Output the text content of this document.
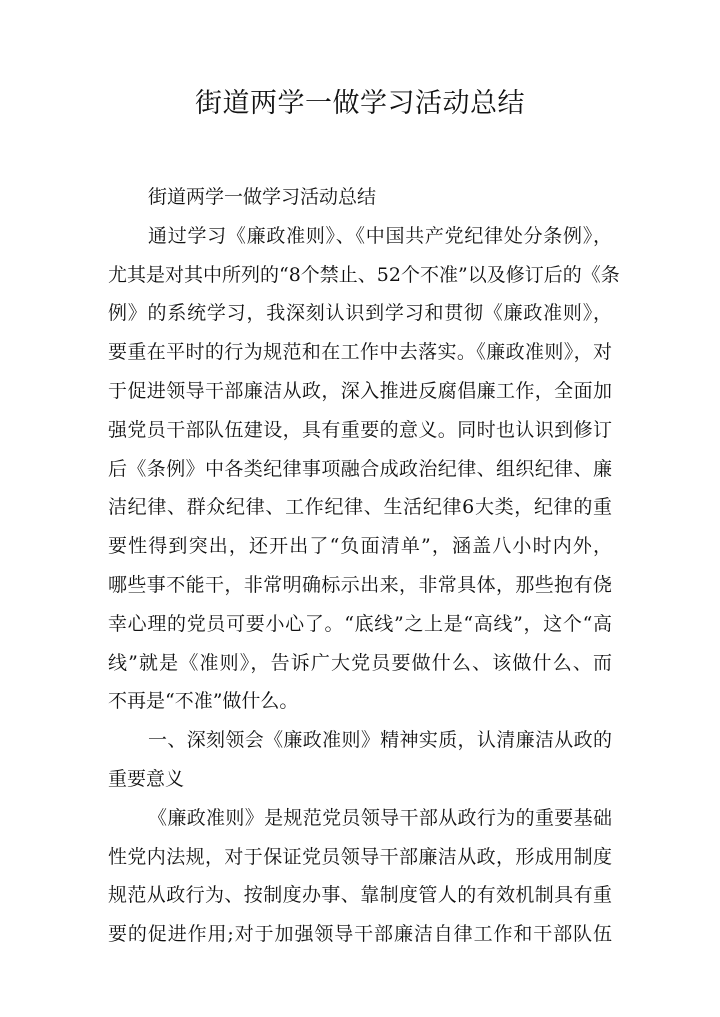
街道两学一做学习活动总结
街道两学一做学习活动总结
通过学习《廉政准则》、《中国共产党纪律处分条例》，
尤其是对其中所列的“8个禁止、52个不准”以及修订后的《条
例》的系统学习，我深刻认识到学习和贯彻《廉政准则》，
要重在平时的行为规范和在工作中去落实。《廉政准则》，对
于促进领导干部廉洁从政，深入推进反腐倡廉工作，全面加
强党员干部队伍建设，具有重要的意义。同时也认识到修订
后《条例》中各类纪律事项融合成政治纪律、组织纪律、廉
洁纪律、群众纪律、工作纪律、生活纪律6大类，纪律的重
要性得到突出，还开出了“负面清单”，涵盖八小时内外，
哪些事不能干，非常明确标示出来，非常具体，那些抱有侥
幸心理的党员可要小心了。“底线”之上是“高线”，这个“高
线”就是《准则》，告诉广大党员要做什么、该做什么、而
不再是“不准”做什么。
一、深刻领会《廉政准则》精神实质，认清廉洁从政的
重要意义
《廉政准则》是规范党员领导干部从政行为的重要基础
性党内法规，对于保证党员领导干部廉洁从政，形成用制度
规范从政行为、按制度办事、靠制度管人的有效机制具有重
要的促进作用;对于加强领导干部廉洁自律工作和干部队伍
